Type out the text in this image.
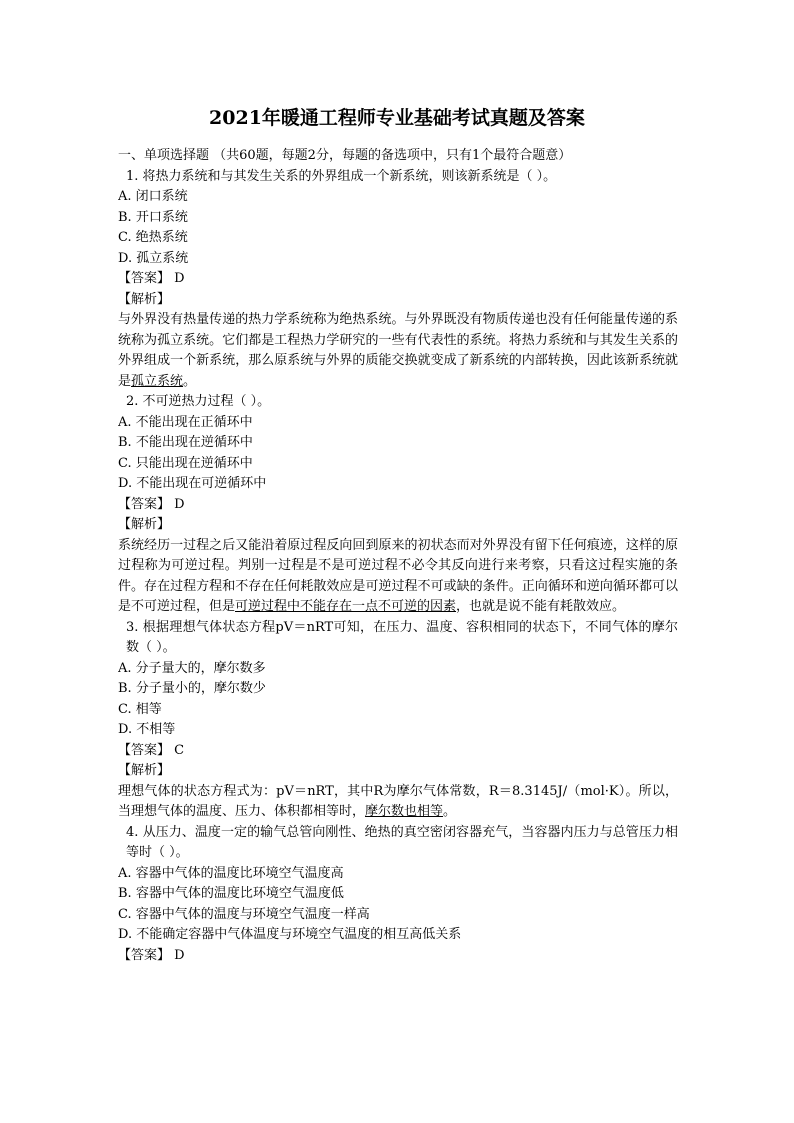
2021年暖通工程师专业基础考试真题及答案
一、单项选择题 （共60题，每题2分，每题的备选项中，只有1个最符合题意）
1. 将热力系统和与其发生关系的外界组成一个新系统，则该新系统是（ ）。
A. 闭口系统
B. 开口系统
C. 绝热系统
D. 孤立系统
【答案】 D
【解析】
与外界没有热量传递的热力学系统称为绝热系统。与外界既没有物质传递也没有任何能量传递的系统称为孤立系统。它们都是工程热力学研究的一些有代表性的系统。将热力系统和与其发生关系的外界组成一个新系统，那么原系统与外界的质能交换就变成了新系统的内部转换，因此该新系统就是孤立系统。
2. 不可逆热力过程（ ）。
A. 不能出现在正循环中
B. 不能出现在逆循环中
C. 只能出现在逆循环中
D. 不能出现在可逆循环中
【答案】 D
【解析】
系统经历一过程之后又能沿着原过程反向回到原来的初状态而对外界没有留下任何痕迹，这样的原过程称为可逆过程。判别一过程是不是可逆过程不必令其反向进行来考察，只看这过程实施的条件。存在过程方程和不存在任何耗散效应是可逆过程不可或缺的条件。正向循环和逆向循环都可以是不可逆过程，但是可逆过程中不能存在一点不可逆的因素，也就是说不能有耗散效应。
3. 根据理想气体状态方程pV＝nRT可知，在压力、温度、容积相同的状态下，不同气体的摩尔数（ ）。
A. 分子量大的，摩尔数多
B. 分子量小的，摩尔数少
C. 相等
D. 不相等
【答案】 C
【解析】
理想气体的状态方程式为：pV＝nRT，其中R为摩尔气体常数，R＝8.3145J/（mol·K）。所以，当理想气体的温度、压力、体积都相等时，摩尔数也相等。
4. 从压力、温度一定的输气总管向刚性、绝热的真空密闭容器充气，当容器内压力与总管压力相等时（ ）。
A. 容器中气体的温度比环境空气温度高
B. 容器中气体的温度比环境空气温度低
C. 容器中气体的温度与环境空气温度一样高
D. 不能确定容器中气体温度与环境空气温度的相互高低关系
【答案】 D
